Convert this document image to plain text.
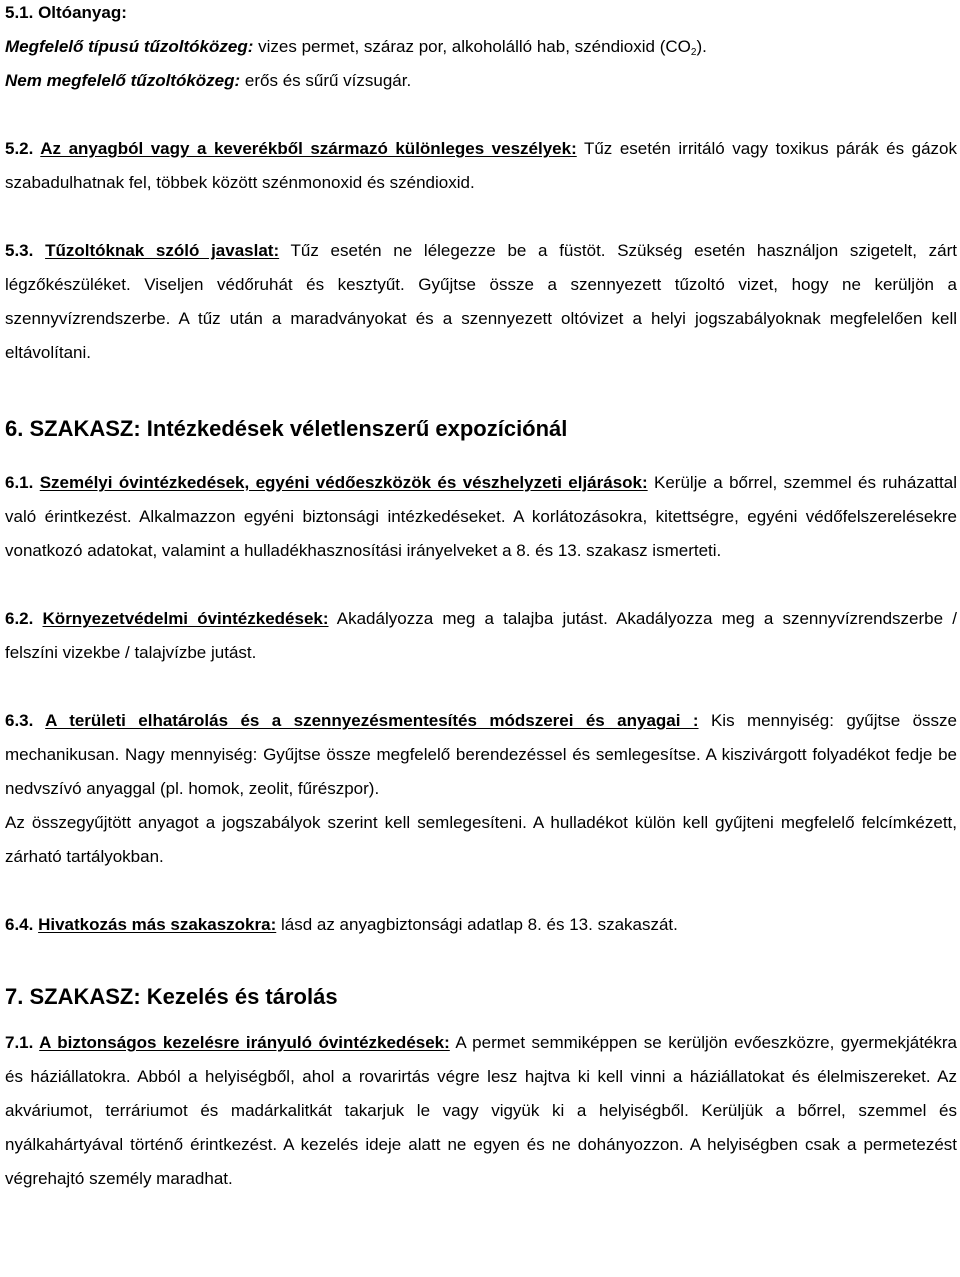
5.1. Oltóanyag:

Megfelelő típusú tűzoltóközeg: vizes permet, száraz por, alkoholálló hab, széndioxid $(CO_2)$.

Nem megfelelő tűzoltóközeg: erős és sűrű vízsugár.

5.2. Az anyagból vagy a keverékből származó különleges veszélyek: Tűz esetén irritáló vagy toxikus párák és gázok szabadulhatnak fel, többek között szénmonoxid és széndioxid.

5.3. Tűzoltóknak szóló javaslat: Tűz esetén ne lélegezze be a füstöt. Szükség esetén használjon szigetelt, zárt légzőkészüléket. Viseljen védőruhát és kesztyűt. Gyűjtse össze a szennyezett tűzoltó vizet, hogy ne kerüljön a szennyvízrendszerbe. A tűz után a maradványokat és a szennyezett oltóvizet a helyi jogszabályoknak megfelelően kell eltávolítani.

6. SZAKASZ: Intézkedések véletlenszerű expozíciónál

6.1. Személyi óvintézkedések, egyéni védőeszközök és vészhelyzeti eljárások: Kerülje a bőrrel, szemmel és ruházattal való érintkezést. Alkalmazzon egyéni biztonsági intézkedéseket. A korlátozásokra, kitettségre, egyéni védőfelszerelésekre vonatkozó adatokat, valamint a hulladékhasznosítási irányelveket a 8. és 13. szakasz ismerteti.

6.2. Környezetvédelmi óvintézkedések: Akadályozza meg a talajba jutást. Akadályozza meg a szennyvízrendszerbe / felszíni vizekbe / talajvízbe jutást.

6.3. A területi elhatárolás és a szennyezésmentesítés módszerei és anyagai : Kis mennyiség: gyűjtse össze mechanikusan. Nagy mennyiség: Gyűjtse össze megfelelő berendezéssel és semlegesítse. A kiszivárgott folyadékot fedje be nedvszívó anyaggal (pl. homok, zeolit, fűrészpor).

Az összegyűjtött anyagot a jogszabályok szerint kell semlegesíteni. A hulladékot külön kell gyűjteni megfelelő felcímkézett, zárható tartályokban.

6.4. Hivatkozás más szakaszokra: lásd az anyagbiztonsági adatlap 8. és 13. szakaszát.

7. SZAKASZ: Kezelés és tárolás

7.1. A biztonságos kezelésre irányuló óvintézkedések: A permet semmiképpen se kerüljön evőeszközre, gyermekjátékra és háziállatokra. Abból a helyiségből, ahol a rovarirtás végre lesz hajtva ki kell vinni a háziállatokat és élelmiszereket. Az akváriumot, terráriumot és madárkalitkát takarjuk le vagy vigyük ki a helyiségből. Kerüljük a bőrrel, szemmel és nyálkahártyával történő érintkezést. A kezelés ideje alatt ne egyen és ne dohányozzon. A helyiségben csak a permetezést végrehajtó személy maradhat.
